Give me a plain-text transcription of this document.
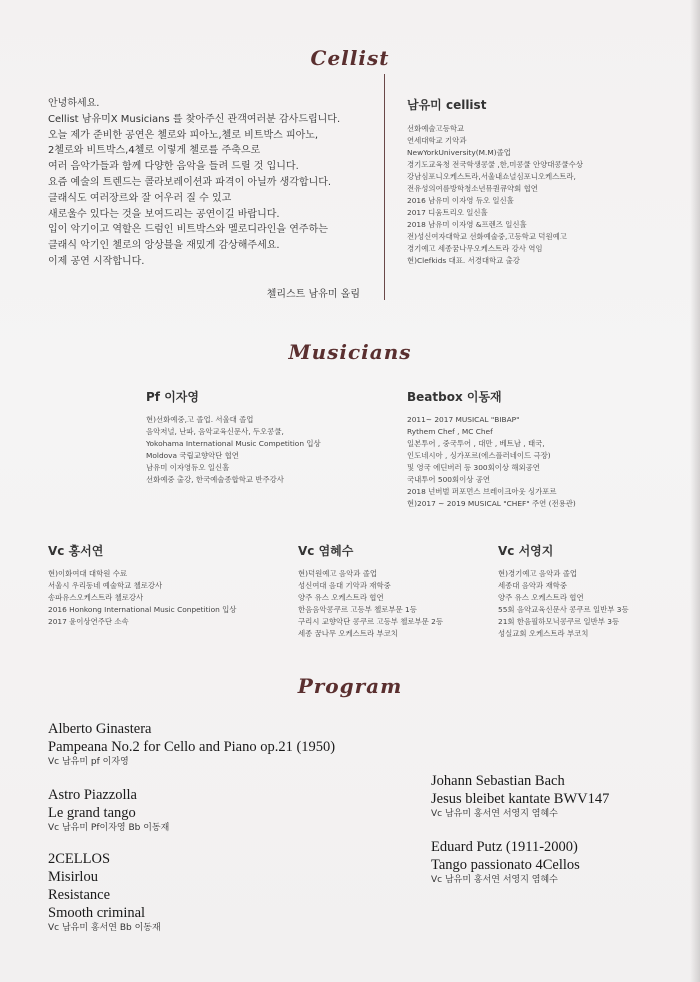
Cellist

안녕하세요.

Cellist 남유미X Musicians 를 찾아주신 관객여러분 감사드립니다.

오늘 제가 준비한 공연은 첼로와 피아노,첼로 비트박스 피아노,

2첼로와 비트박스,4첼로 이렇게 첼로를 주축으로

여러 음악가들과 함께 다양한 음악을 들려 드릴 것 입니다.

요즘 예술의 트렌드는 콜라보레이션과 파격이 아닐까 생각합니다.

클래식도 여러장르와 잘 어우러 질 수 있고

새로울수 있다는 것을 보여드리는 공연이길 바랍니다.

입이 악기이고 역할은 드럼인 비트박스와 멜로디라인을 연주하는

클래식 악기인 첼로의 앙상블을 재밌게 감상해주세요.

이제 공연 시작합니다.

첼리스트 남유미 올림
남유미 cellist

선화예술고등학교

연세대학교 기악과

NewYorkUniversity(M.M)졸업

경기도교육청 전국학생콩쿨 ,한,미콩쿨 안양대콩쿨수상

강남심포니오케스트라,서울내쇼널심포니오케스트라,

전유성의여름방학청소년뮤퀀큐약회 협연

2016 남유미 이자영 듀오 일신홀

2017 디움트리오 일신홀

2018 남유미 이자영 &프렌즈 일신홀

전)성신여자대학교 선화예술중,고등학교 덕원예고

경기예고 세종꿈나무오케스트라 강사 역임

현)Clefkids 대표. 서경대학교 출강

Musicians
Pf 이자영

현)선화예중,고 졸업. 서울대 졸업

음악저널, 난파, 음악교육신문사, 두오콩쿨,

Yokohama International Music Competition 입상

Moldova 국립교향악단 협연

남유미 이자영듀오 일신홀

선화예중 출강, 한국예술종합학교 반주강사

Beatbox 이동재

2011~ 2017 MUSICAL "BIBAP"

Rythem Chef , MC Chef

일본투어 , 중국투어 , 대만 , 베트남 , 태국,

인도네시아 , 싱가포르(에스플러네이드 극장)

및 영국 에딘버러 등 300회이상 해외공연

국내투어 500회이상 공연

2018 넌버벌 퍼포먼스 브레이크아웃 싱가포르

현)2017 ~ 2019 MUSICAL "CHEF" 주연 (전용관)

Vc 홍서연

현)이화여대 대학원 수료

서울시 우리동네 예술학교 첼로강사

송파유스오케스트라 첼로강사

2016 Honkong International Music Conpetition 입상

2017 윤이상연주단 소속

Vc 염혜수

현)덕원예고 음악과 졸업

성신여대 음대 기악과 재학중

양주 유스 오케스트라 협연

한음음악콩쿠르 고등부 첼로부문 1등

구리시 교향악단 콩쿠르 고등부 첼로부문 2등

세종 꿈나무 오케스트라 부코치

Vc 서영지

현)경기예고 음악과 졸업

세종대 음악과 재학중

양주 유스 오케스트라 협연

55회 음악교육신문사 콩쿠르 일반부 3등

21회 한음필하모닉콩쿠르 일반부 3등

성실교회 오케스트라 부코치

Program
Alberto Ginastera
Pampeana No.2 for Cello and Piano op.21 (1950)
Vc 남유미 pf 이자영
Astro Piazzolla
Le grand tango
Vc 남유미 Pf이자영 Bb 이동재
2CELLOS
Misirlou
Resistance
Smooth criminal
Vc 남유미 홍서연 Bb 이동재
Johann Sebastian Bach
Jesus bleibet kantate BWV147
Vc 남유미 홍서연 서영지 염혜수
Eduard Putz (1911-2000)
Tango passionato 4Cellos
Vc 남유미 홍서연 서영지 염혜수
